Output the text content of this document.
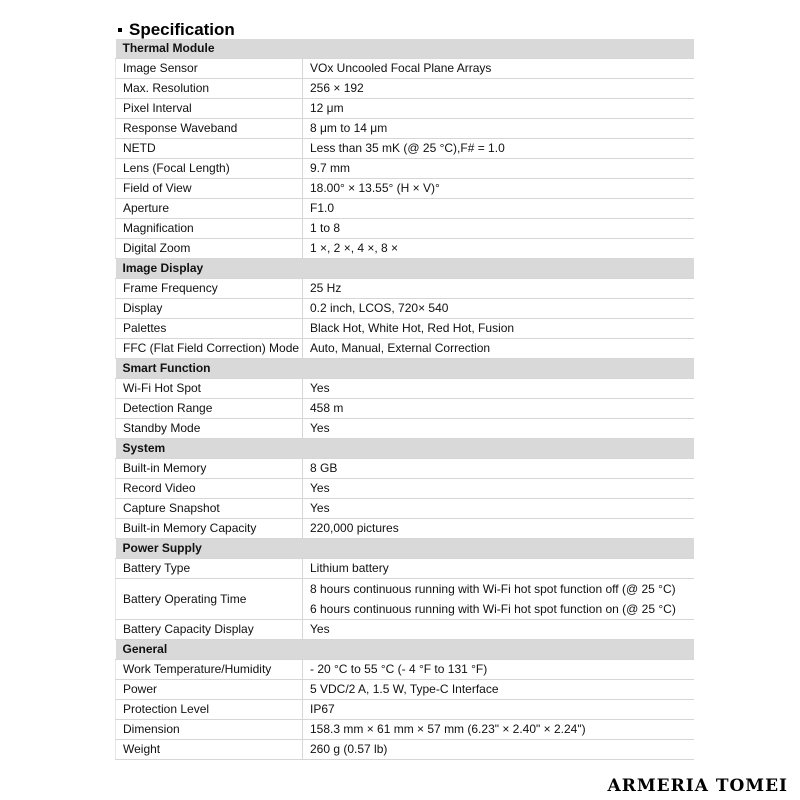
Specification
Thermal Module	
Image Sensor	VOx Uncooled Focal Plane Arrays
Max. Resolution	256 × 192
Pixel Interval	12 μm
Response Waveband	8 μm to 14 μm
NETD	Less than 35 mK (@ 25 °C),F# = 1.0
Lens (Focal Length)	9.7 mm
Field of View	18.00° × 13.55° (H × V)°
Aperture	F1.0
Magnification	1 to 8
Digital Zoom	1 ×, 2 ×, 4 ×, 8 ×
Image Display	
Frame Frequency	25 Hz
Display	0.2 inch, LCOS, 720× 540
Palettes	Black Hot, White Hot, Red Hot, Fusion
FFC (Flat Field Correction) Mode	Auto, Manual, External Correction
Smart Function	
Wi-Fi Hot Spot	Yes
Detection Range	458 m
Standby Mode	Yes
System	
Built-in Memory	8 GB
Record Video	Yes
Capture Snapshot	Yes
Built-in Memory Capacity	220,000 pictures
Power Supply	
Battery Type	Lithium battery
Battery Operating Time	8 hours continuous running with Wi-Fi hot spot function off (@ 25 °C)
6 hours continuous running with Wi-Fi hot spot function on (@ 25 °C)

Battery Capacity Display	Yes
General	
Work Temperature/Humidity	- 20 °C to 55 °C (- 4 °F to 131 °F)
Power	5 VDC/2 A, 1.5 W, Type-C Interface
Protection Level	IP67
Dimension	158.3 mm × 61 mm × 57 mm (6.23" × 2.40" × 2.24")
Weight	260 g (0.57 lb)
ARMERIA TOMEI
